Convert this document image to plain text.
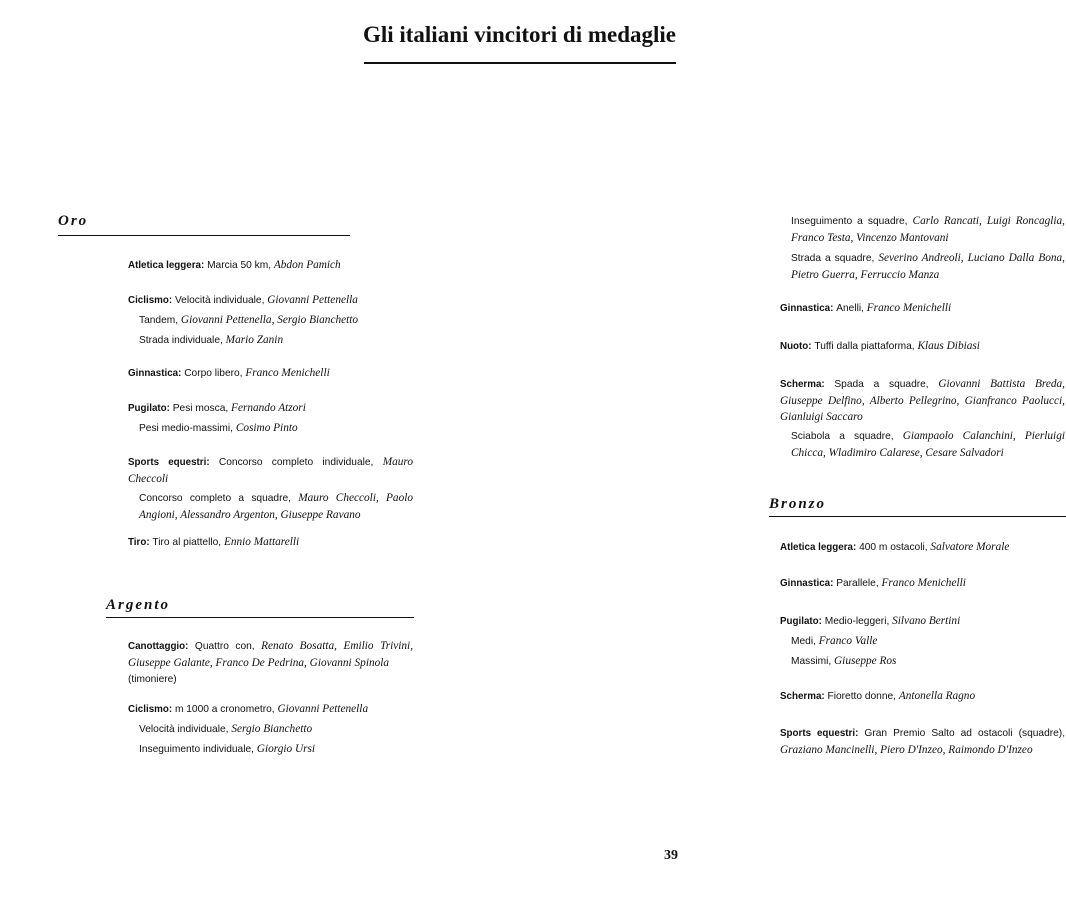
Gli italiani vincitori di medaglie
Oro
Atletica leggera: Marcia 50 km, Abdon Pamich
Ciclismo: Velocità individuale, Giovanni Pettenella
Tandem, Giovanni Pettenella, Sergio Bianchetto
Strada individuale, Mario Zanin
Ginnastica: Corpo libero, Franco Menichelli
Pugilato: Pesi mosca, Fernando Atzori
Pesi medio-massimi, Cosimo Pinto
Sports equestri: Concorso completo individuale, Mauro Checcoli
Concorso completo a squadre, Mauro Checcoli, Paolo Angioni, Alessandro Argenton, Giuseppe Ravano
Tiro: Tiro al piattello, Ennio Mattarelli
Argento
Canottaggio: Quattro con, Renato Bosatta, Emilio Trivini, Giuseppe Galante, Franco De Pedrina, Giovanni Spinola
(timoniere)
Ciclismo: m 1000 a cronometro, Giovanni Pettenella
Velocità individuale, Sergio Bianchetto
Inseguimento individuale, Giorgio Ursi
Inseguimento a squadre, Carlo Rancati, Luigi Roncaglia, Franco Testa, Vincenzo Mantovani
Strada a squadre, Severino Andreoli, Luciano Dalla Bona, Pietro Guerra, Ferruccio Manza
Ginnastica: Anelli, Franco Menichelli
Nuoto: Tuffi dalla piattaforma, Klaus Dibiasi
Scherma: Spada a squadre, Giovanni Battista Breda, Giuseppe Delfino, Alberto Pellegrino, Gianfranco Paolucci, Gianluigi Saccaro
Sciabola a squadre, Giampaolo Calanchini, Pierluigi Chicca, Wladimiro Calarese, Cesare Salvadori
Bronzo
Atletica leggera: 400 m ostacoli, Salvatore Morale
Ginnastica: Parallele, Franco Menichelli
Pugilato: Medio-leggeri, Silvano Bertini
Medi, Franco Valle
Massimi, Giuseppe Ros
Scherma: Fioretto donne, Antonella Ragno
Sports equestri: Gran Premio Salto ad ostacoli (squadre), Graziano Mancinelli, Piero D'Inzeo, Raimondo D'Inzeo
39
